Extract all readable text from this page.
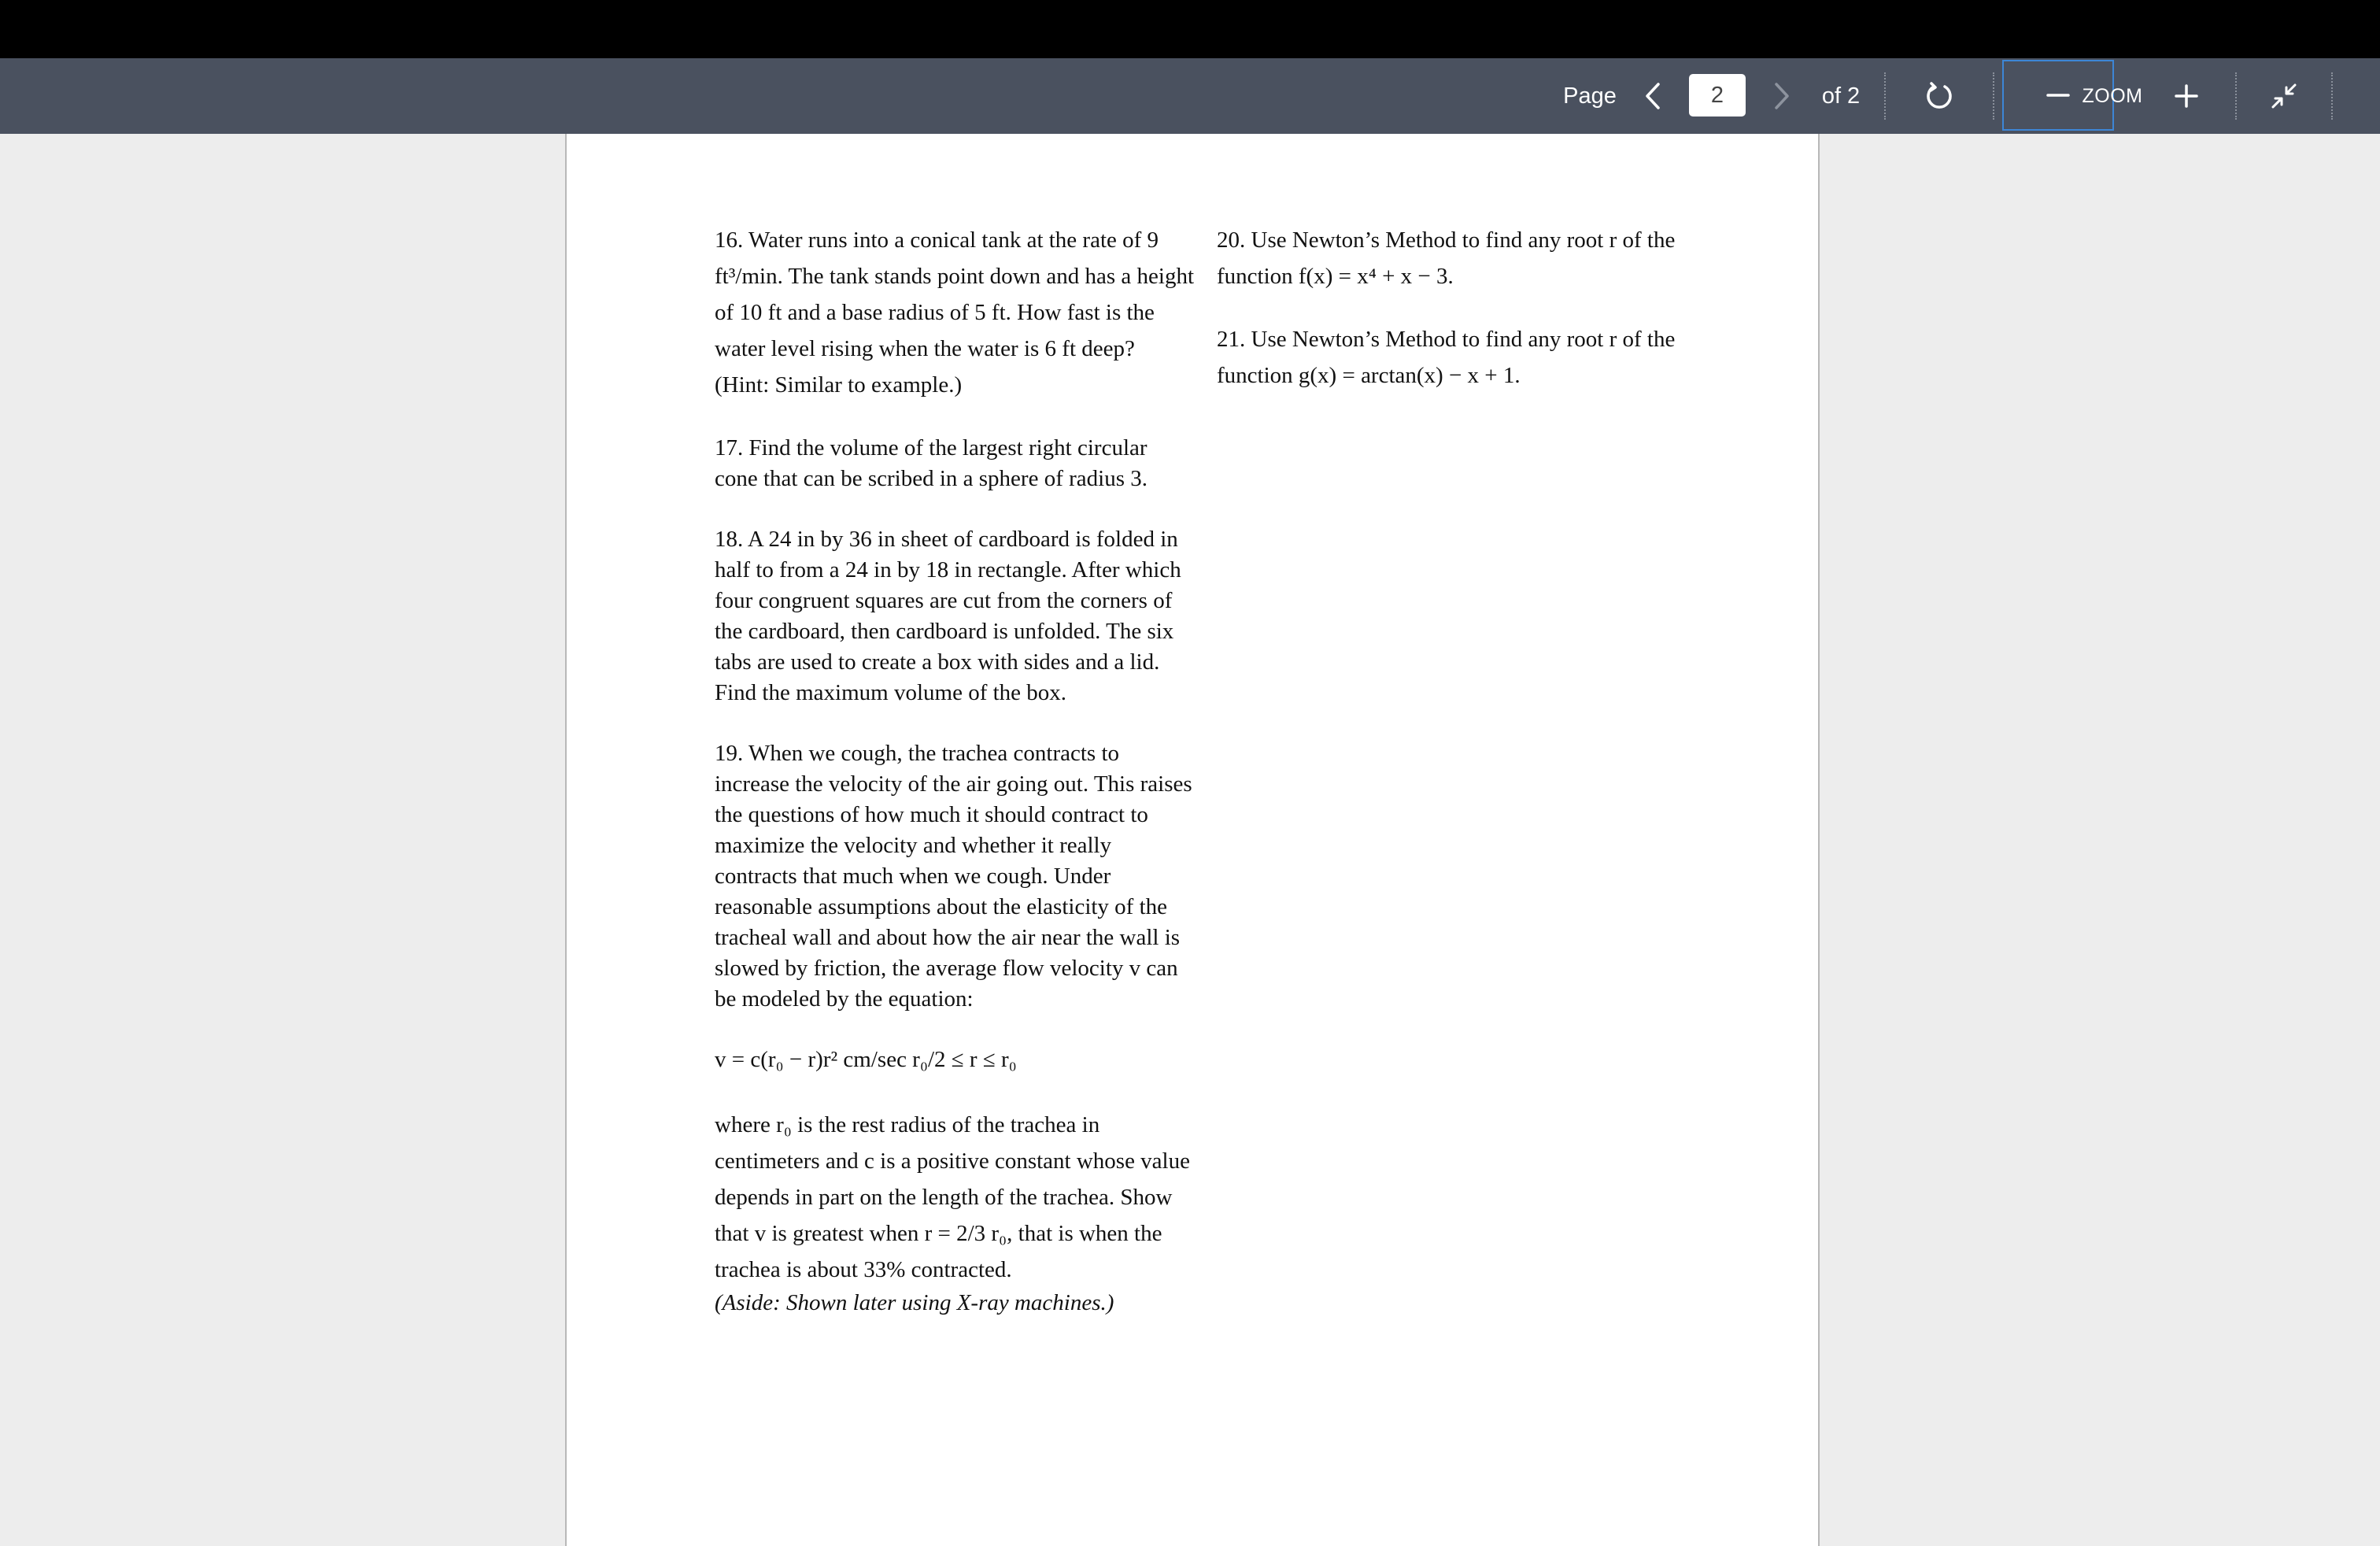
Page
2	of 2	ZOOM

16. Water runs into a conical tank at the rate of 9 ft³/min. The tank stands point down and has a height of 10 ft and a base radius of 5 ft. How fast is the water level rising when the water is 6 ft deep? (Hint: Similar to example.)

17. Find the volume of the largest right circular cone that can be scribed in a sphere of radius 3.

18. A 24 in by 36 in sheet of cardboard is folded in half to from a 24 in by 18 in rectangle. After which four congruent squares are cut from the corners of the cardboard, then cardboard is unfolded. The six tabs are used to create a box with sides and a lid. Find the maximum volume of the box.

19. When we cough, the trachea contracts to increase the velocity of the air going out. This raises the questions of how much it should contract to maximize the velocity and whether it really contracts that much when we cough. Under reasonable assumptions about the elasticity of the tracheal wall and about how the air near the wall is slowed by friction, the average flow velocity v can be modeled by the equation:

v = c(r₀ − r)r² cm/sec r₀/2 ≤ r ≤ r₀

where r₀ is the rest radius of the trachea in centimeters and c is a positive constant whose value depends in part on the length of the trachea. Show that v is greatest when r = 2/3 r₀, that is when the trachea is about 33% contracted.

(Aside: Shown later using X-ray machines.)

20. Use Newton’s Method to find any root r of the function f(x) = x⁴ + x − 3.

21. Use Newton’s Method to find any root r of the function g(x) = arctan(x) − x + 1.
